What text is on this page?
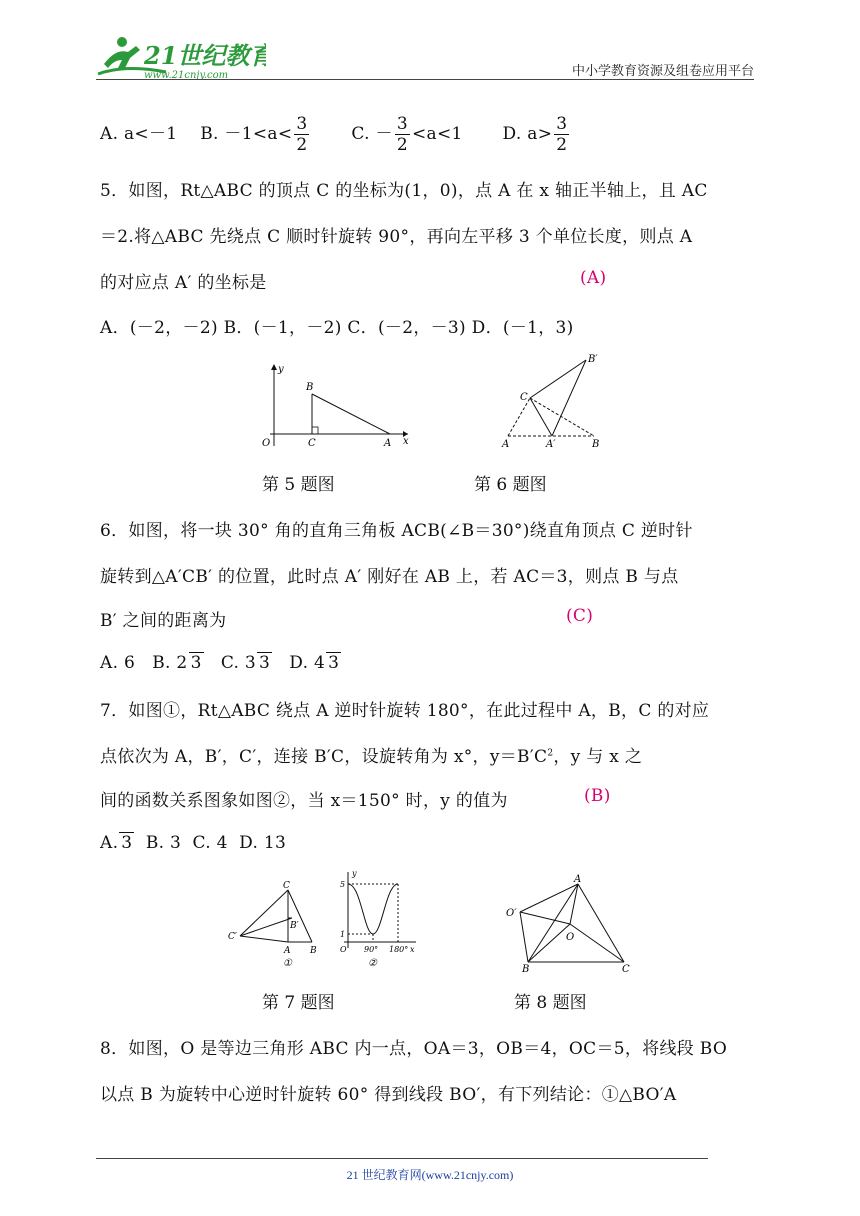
21世纪教育
www.21cnjy.com	中小学教育资源及组卷应用平台
A. a<－1 B. $-1<a< \frac{3}{2} C$. － $\frac{3}{2} <a<1$ D. $a> \frac{3}{2}$
5．如图，Rt△ABC 的顶点 C 的坐标为(1，0)，点 A 在 x 轴正半轴上，且 AC
＝2.将△ABC 先绕点 C 顺时针旋转 90°，再向左平移 3 个单位长度，则点 A
的对应点 A′ 的坐标是	(A)
A．(－2，－2) B．(－1，－2) C．(－2，－3) D．(－1，3)
y
x
O
B
C	A
第 5 题图
B′
C
A	A′	B
第 6 题图
6．如图，将一块 30° 角的直角三角板 ACB(∠B＝30°)绕直角顶点 C 逆时针
旋转到△A′CB′ 的位置，此时点 A′ 刚好在 AB 上，若 AC＝3，则点 B 与点
B′ 之间的距离为	(C)
A. 6 B. 2 3 C. 3 3 D. 4 3
7．如图①，Rt△ABC 绕点 A 逆时针旋转 180°，在此过程中 A，B，C 的对应
点依次为 A，B′，C′，连接 B′C，设旋转角为 x°，$y=B'C^2$，y 与 x 之
间的函数关系图象如图②，当 x＝150° 时，y 的值为	(B)
A. 3  B. 3  C. 4  D. 13
C
C′
B′
A B
①
y
5
1
O 90° 180° x
②
第 7 题图
A
O′
O
B	C
第 8 题图
8．如图，O 是等边三角形 ABC 内一点，OA＝3，OB＝4，OC＝5，将线段 BO
以点 B 为旋转中心逆时针旋转 60° 得到线段 BO′，有下列结论：①△BO′A
21 世纪教育网(www.21cnjy.com)
